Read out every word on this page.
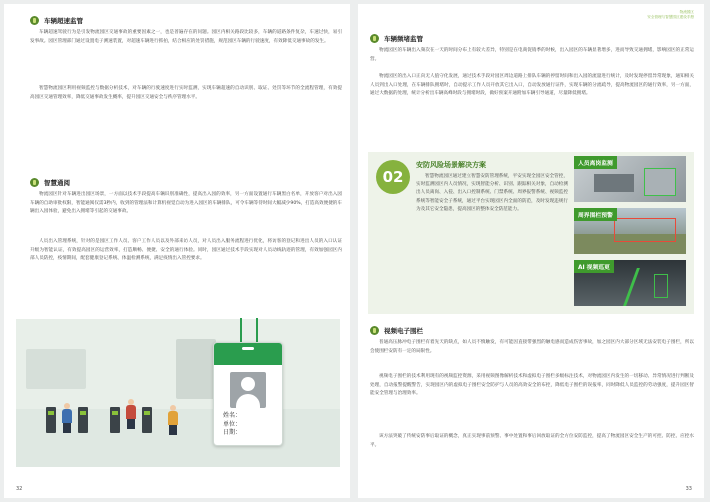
车辆超速监管
车辆超速驾驶行为是引发物流园区交通事故的重要因素之一，也是普遍存在的问题。园区内相关路段比较多，车辆的道路条件复杂，车速过快，易引发事故。园区管理部门通过设置电子测速装置，对超速车辆进行抓拍，结合相应的处罚措施，规范园区车辆的行驶速度，有效降低交通事故的发生。
智慧物流园区利用视频监控与数据分析技术，对车辆的行驶速度进行实时监测，实现车辆超速的自动识别、取证、处罚等环节的全流程管理，有效提高园区交通管理效率，降低交通事故发生概率，提升园区交通安全与秩序管理水平。
智慧通阅
物流园区针对车辆进出园区场景，一方面以技术手段提高车辆识别准确性，提高出入园的效率，另一方面设置通行车辆黑白名单，开放客户对出入园车辆的自助审批权限，智能通阅仅需3秒内，收到的管理法和计算机视觉自动为进入园区的车辆排队，可令车辆等待时间大幅减少90%，打造高效便捷的车辆出入园体验，避免出入拥堵等引起的交通事故。
人员出入管理系统，针对的是园区工作人员、客户工作人员以及外部来访人员，对人员出入服务流程进行优化，将访客的登记和进出人员的入口认证升级为智能认证，有效提高园区的运营效率，打造顺畅、便捷、安全的通行体验。同时，园区通过技术手段实现对人员动线轨迹的管理，有效加强园区内部人员防控，疫情期间，配套健康登记系统、体温检测系统，满足疫情出入管控要求。
姓名：
单位：
日期：
32
物流园区
安全管理与智慧园区建设手册
车辆频堵监管
物流园区的车辆出入频次在一天的时间分布上有较大差异，特别是在电商促销季的时候，出入园区的车辆显著增多，进而导致交通拥堵，影响园区的正常运营。
物流园区的出入口正向无人值守化发展，通过技术手段对园区周边道路上排队车辆的停留时间和出入园的流量进行统计，及时发现停留异常现象，通知相关人员到出入口处理，在车辆排队拥堵时，自动提示工作人员开放其它出入口，自动发放通行证件，实现车辆的分流疏导，提高物流园区的通行效率，另一方面，通过大数据的处理，统计分析出车辆高峰时段与拥堵时段，做好预案开通附加车辆引导通道，尽量降低拥堵。
02
安防风险场景解决方案
智慧物流园区通过建立智慧安防管理系统，平安实现全园区安全管控，实时监测园区内人员情况，实现智能分析、识别、跟踪相关对象，自动检测出人员离岗、入侵、出入口控制系统、门禁系统、周界报警系统、视频监控系统等智能安全子系统，通过平台实现园区内全面的防范，及时发现违规行为及其它安全隐患，提高园区的整体安全防范能力。
人员离岗监测
周界围栏预警
AI 视频巡更
视频电子围栏
普通高压脉冲电子围栏有着先天的缺点，如人员不慎触发，有可能因直接带强烈的触电感而造成伤害事故，加之园区内大部分区域无法安装电子围栏，所以会使围栏安防有一定的局限性。
视频电子围栏的技术利用现有的视频监控资源，采用视频图像解析技术和虚拟电子围栏多级标注技术，对物流园区内发生的一切移动、异常情况进行判断及处理，自动报警提醒警告，实现园区内的虚拟电子围栏安全防护与人员的高效安全的布控，降低电子围栏的误报率，同时降低人员监控的劳动强度，提升园区智能安全管理与治理效率。
该方法突破了传统安防事后取证的概念，真正实现事前预警、事中处置和事后回放取证的全方位安防监控，提高了物流园区安全生产的可控、防控、应控水平。
33
